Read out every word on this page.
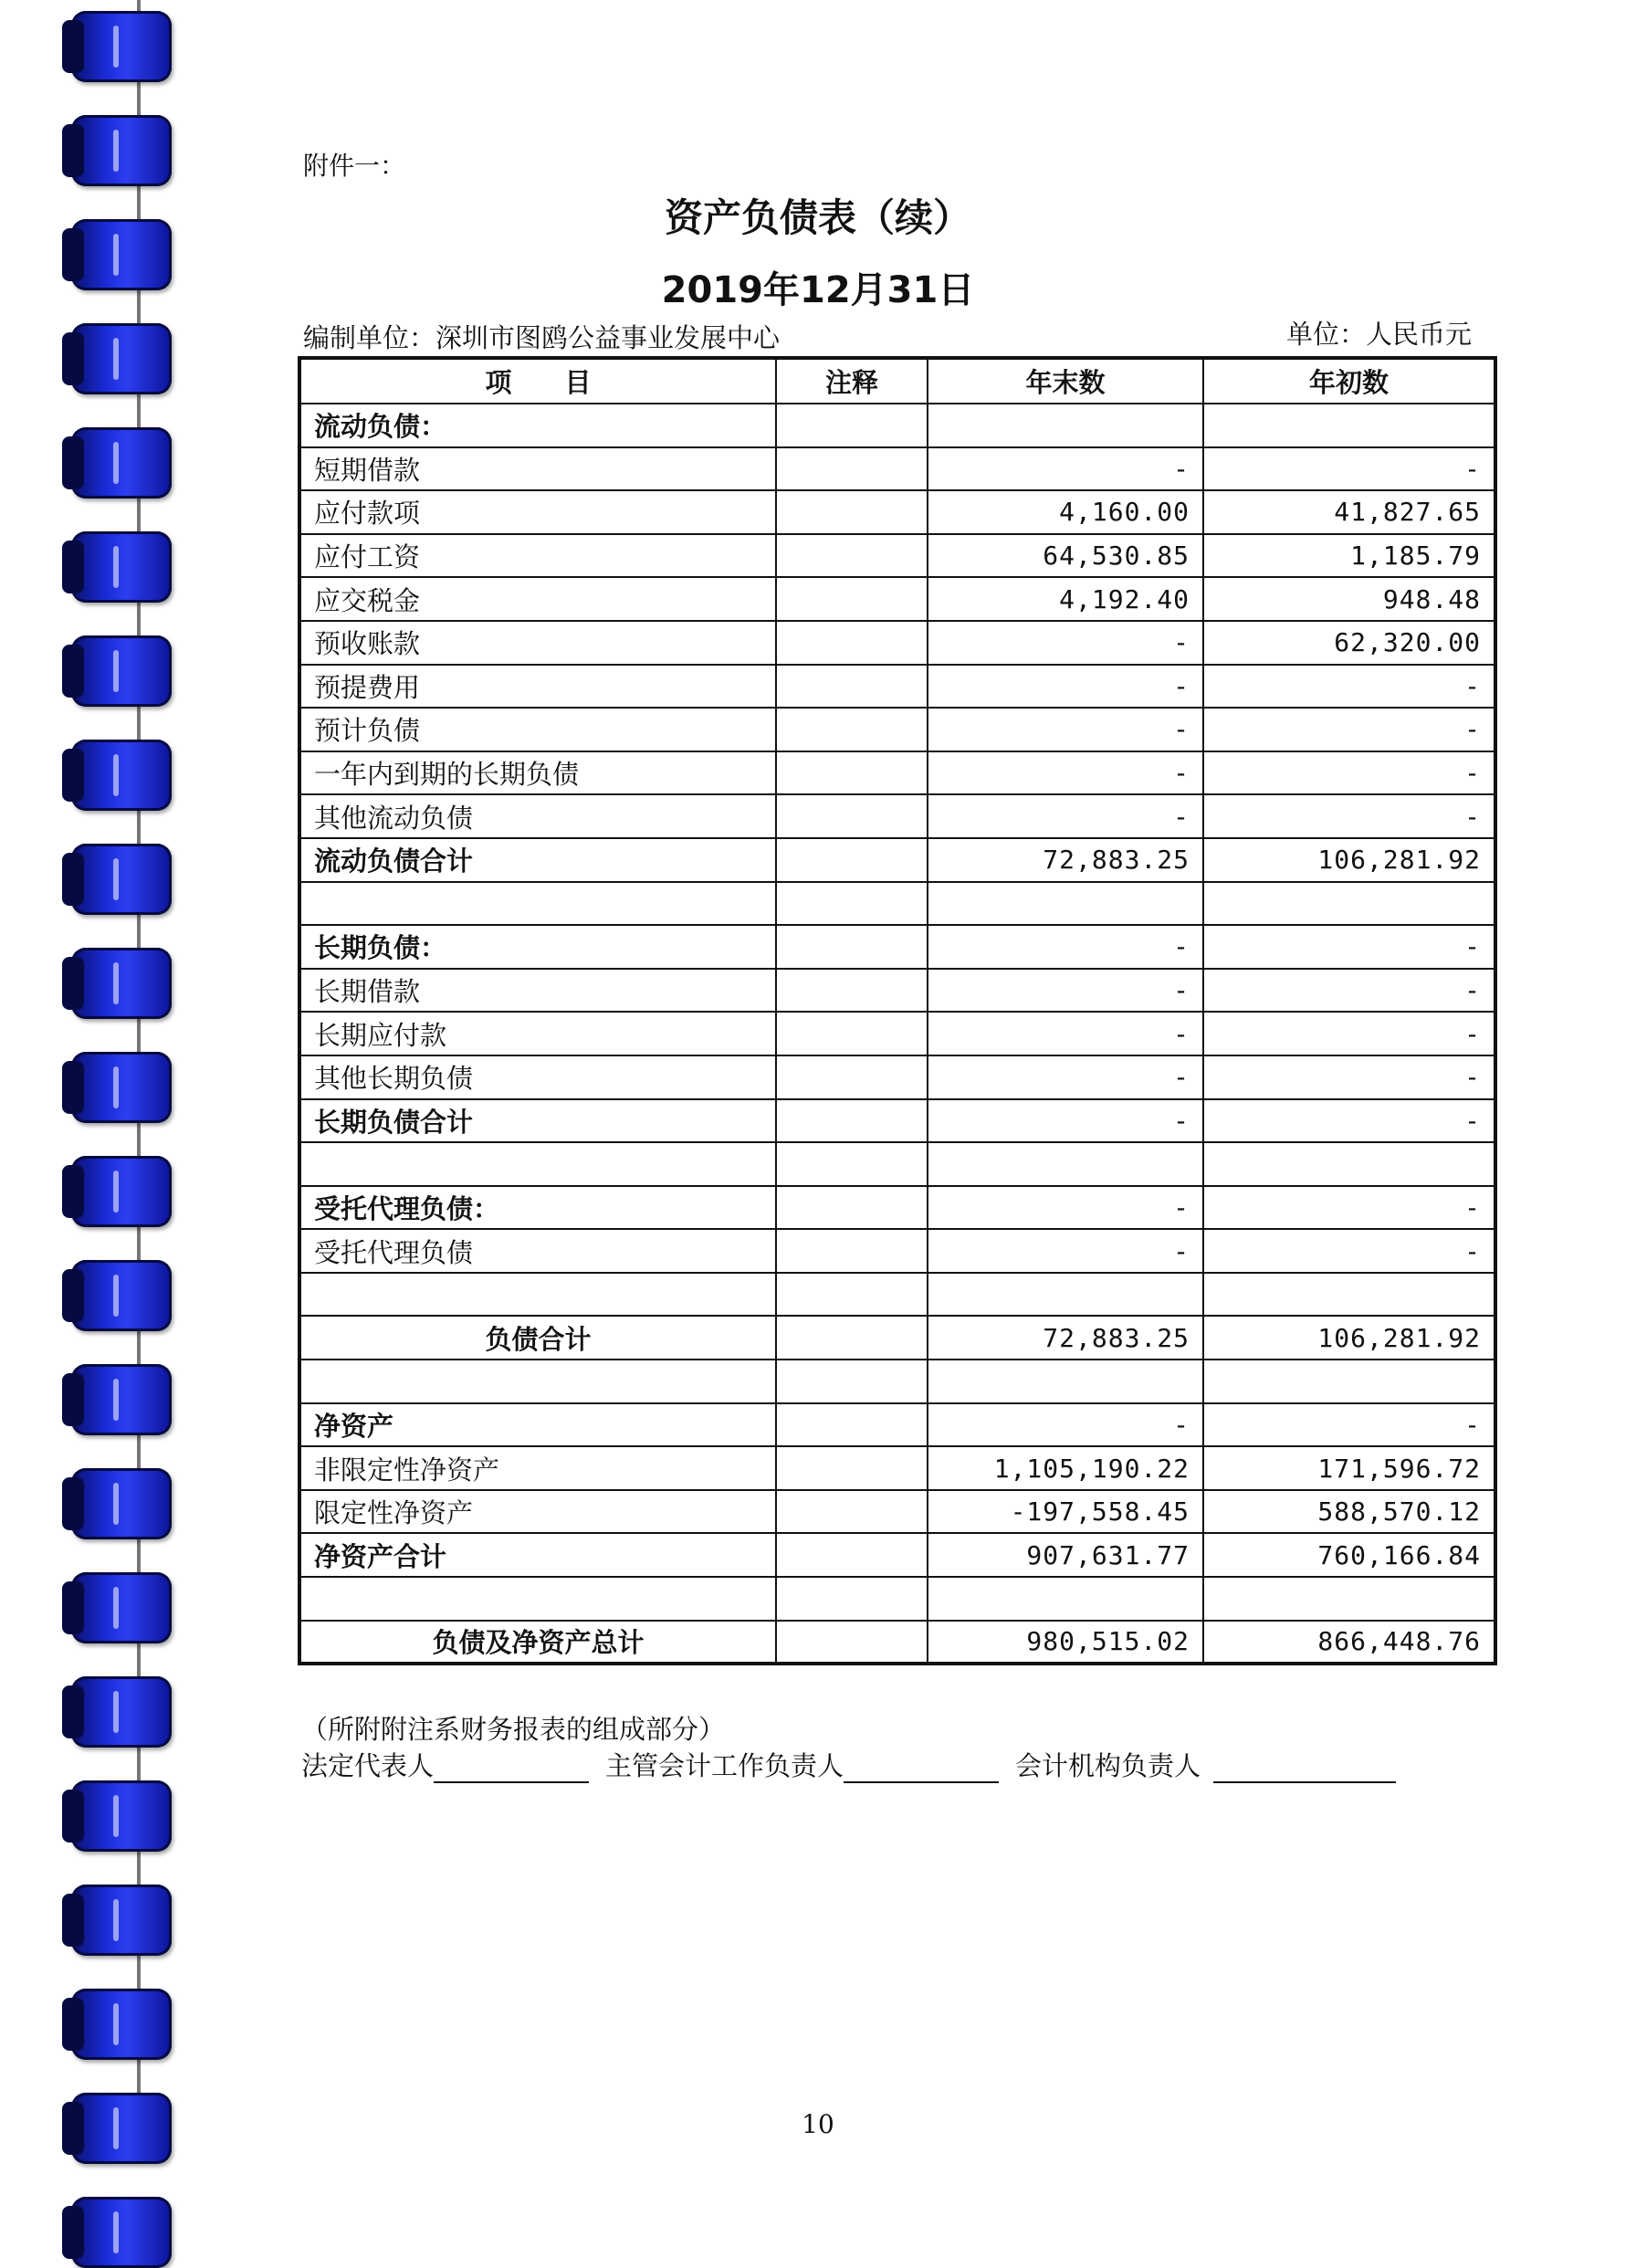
附件一：
资产负债表（续）
2019年12月31日
编制单位：深圳市图鸥公益事业发展中心	单位：人民币元
项　　目	注释	年末数	年初数
流动负债：			
短期借款		-	-
应付款项		4,160.00	41,827.65
应付工资		64,530.85	1,185.79
应交税金		4,192.40	948.48
预收账款		-	62,320.00
预提费用		-	-
预计负债		-	-
一年内到期的长期负债		-	-
其他流动负债		-	-
流动负债合计		72,883.25	106,281.92

长期负债：		-	-
长期借款		-	-
长期应付款		-	-
其他长期负债		-	-
长期负债合计		-	-

受托代理负债：		-	-
受托代理负债		-	-

负债合计		72,883.25	106,281.92

净资产		-	-
非限定性净资产		1,105,190.22	171,596.72
限定性净资产		-197,558.45	588,570.12
净资产合计		907,631.77	760,166.84

负债及净资产总计		980,515.02	866,448.76
（所附附注系财务报表的组成部分）
法定代表人	主管会计工作负责人	会计机构负责人
10
